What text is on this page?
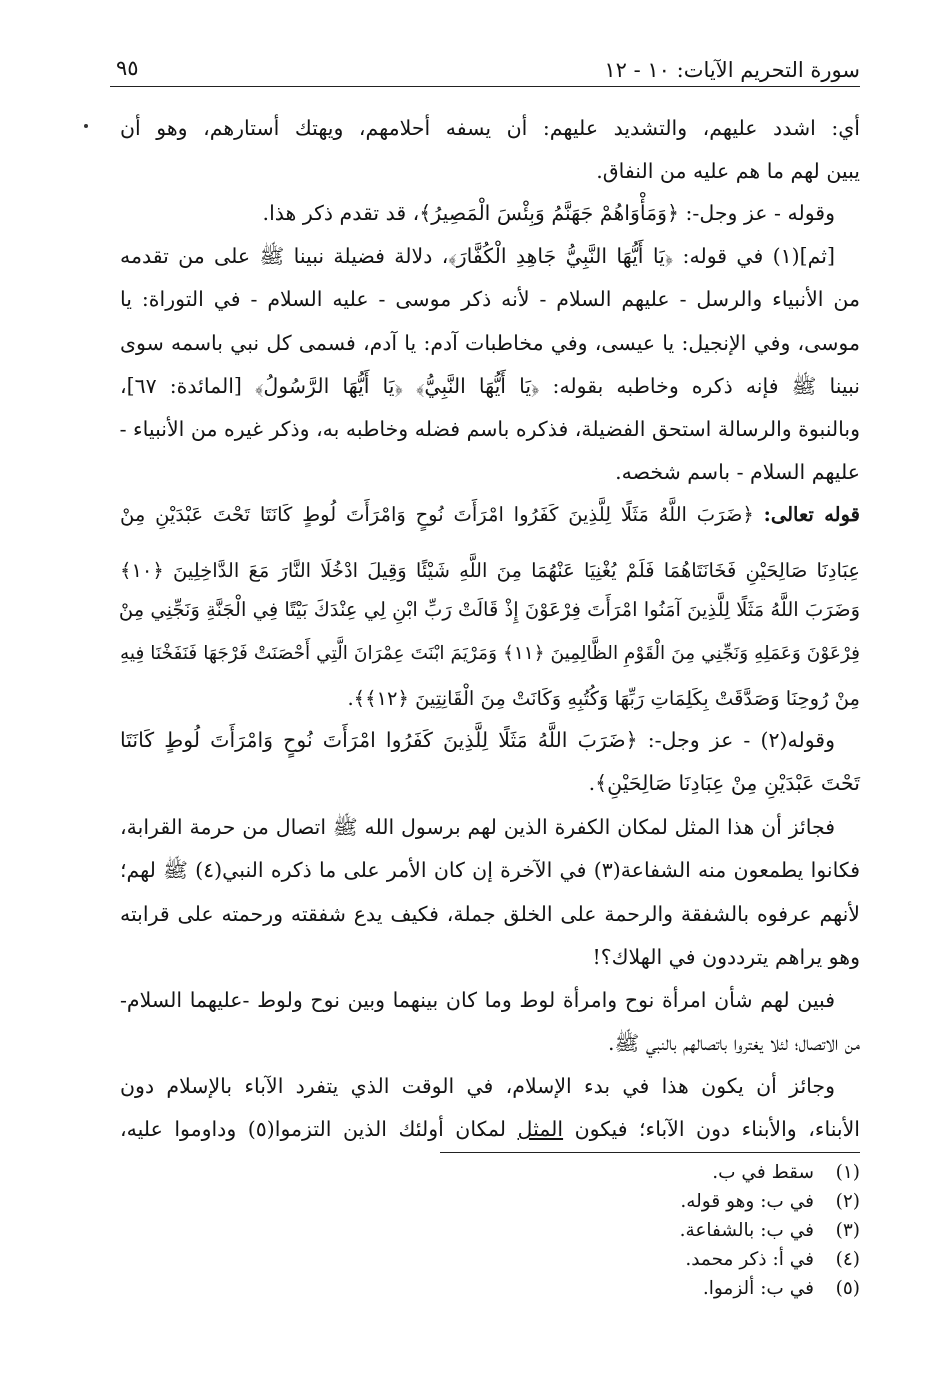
سورة التحريم الآيات: ١٠ - ١٢
٩٥
أي: اشدد عليهم، والتشديد عليهم: أن يسفه أحلامهم، ويهتك أستارهم، وهو أن
يبين لهم ما هم عليه من النفاق.
وقوله - عز وجل-: ﴿وَمَأْوَاهُمْ جَهَنَّمُ وَبِئْسَ الْمَصِيرُ﴾، قد تقدم ذكر هذا.
[ثم](١) في قوله: ﴿يَا أَيُّهَا النَّبِيُّ جَاهِدِ الْكُفَّارَ﴾، دلالة فضيلة نبينا ﷺ على من تقدمه
من الأنبياء والرسل - عليهم السلام - لأنه ذكر موسى - عليه السلام - في التوراة: يا
موسى، وفي الإنجيل: يا عيسى، وفي مخاطبات آدم: يا آدم، فسمى كل نبي باسمه سوى
نبينا ﷺ فإنه ذكره وخاطبه بقوله: ﴿يَا أَيُّهَا النَّبِيُّ﴾ ﴿يَا أَيُّهَا الرَّسُولُ﴾ [المائدة: ٦٧]،
وبالنبوة والرسالة استحق الفضيلة، فذكره باسم فضله وخاطبه به، وذكر غيره من الأنبياء -
عليهم السلام - باسم شخصه.
قوله تعالى: ﴿ضَرَبَ اللَّهُ مَثَلًا لِلَّذِينَ كَفَرُوا امْرَأَتَ نُوحٍ وَامْرَأَتَ لُوطٍ كَانَتَا تَحْتَ عَبْدَيْنِ مِنْ
عِبَادِنَا صَالِحَيْنِ فَخَانَتَاهُمَا فَلَمْ يُغْنِيَا عَنْهُمَا مِنَ اللَّهِ شَيْئًا وَقِيلَ ادْخُلَا النَّارَ مَعَ الدَّاخِلِينَ ﴿١٠﴾
وَضَرَبَ اللَّهُ مَثَلًا لِلَّذِينَ آمَنُوا امْرَأَتَ فِرْعَوْنَ إِذْ قَالَتْ رَبِّ ابْنِ لِي عِنْدَكَ بَيْتًا فِي الْجَنَّةِ وَنَجِّنِي مِنْ
فِرْعَوْنَ وَعَمَلِهِ وَنَجِّنِي مِنَ الْقَوْمِ الظَّالِمِينَ ﴿١١﴾ وَمَرْيَمَ ابْنَتَ عِمْرَانَ الَّتِي أَحْصَنَتْ فَرْجَهَا فَنَفَخْنَا فِيهِ
مِنْ رُوحِنَا وَصَدَّقَتْ بِكَلِمَاتِ رَبِّهَا وَكُتُبِهِ وَكَانَتْ مِنَ الْقَانِتِينَ ﴿١٢﴾﴾.
وقوله(٢) - عز وجل-: ﴿ضَرَبَ اللَّهُ مَثَلًا لِلَّذِينَ كَفَرُوا امْرَأَتَ نُوحٍ وَامْرَأَتَ لُوطٍ كَانَتَا
تَحْتَ عَبْدَيْنِ مِنْ عِبَادِنَا صَالِحَيْنِ﴾.
فجائز أن هذا المثل لمكان الكفرة الذين لهم برسول الله ﷺ اتصال من حرمة القرابة،
فكانوا يطمعون منه الشفاعة(٣) في الآخرة إن كان الأمر على ما ذكره النبي(٤) ﷺ لهم؛
لأنهم عرفوه بالشفقة والرحمة على الخلق جملة، فكيف يدع شفقته ورحمته على قرابته
وهو يراهم يترددون في الهلاك؟!
فبين لهم شأن امرأة نوح وامرأة لوط وما كان بينهما وبين نوح ولوط -عليهما السلام-
من الاتصال؛ لئلا يغتروا باتصالهم بالنبي ﷺ.
وجائز أن يكون هذا في بدء الإسلام، في الوقت الذي يتفرد الآباء بالإسلام دون
الأبناء، والأبناء دون الآباء؛ فيكون المثل لمكان أولئك الذين التزموا(٥) وداوموا عليه،
(١)سقط في ب.
(٢)في ب: وهو قوله.
(٣)في ب: بالشفاعة.
(٤)في أ: ذكر محمد.
(٥)في ب: ألزموا.
